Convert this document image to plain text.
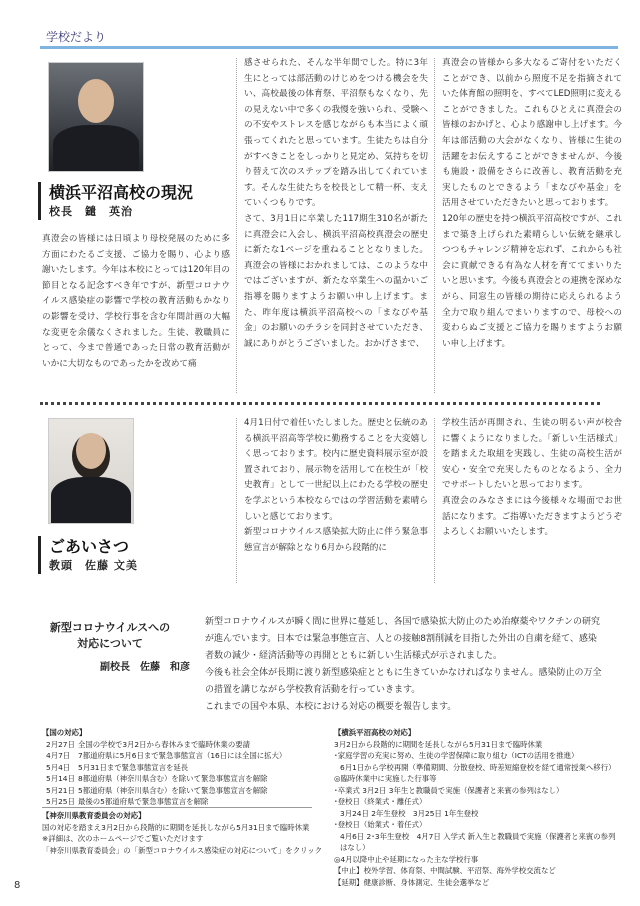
学校だより
横浜平沼高校の現況
校長　鑓　英治
真澄会の皆様には日頃より母校発展のために多方面にわたるご支援、ご協力を賜り、心より感謝いたします。今年は本校にとっては120年目の節目となる記念すべき年ですが、新型コロナウイルス感染症の影響で学校の教育活動もかなりの影響を受け、学校行事を含む年間計画の大幅な変更を余儀なくされました。生徒、教職員にとって、今まで普通であった日常の教育活動がいかに大切なものであったかを改めて痛
感させられた、そんな半年間でした。特に3年生にとっては部活動のけじめをつける機会を失い、高校最後の体育祭、平沼祭もなくなり、先の見えない中で多くの我慢を強いられ、受験への不安やストレスを感じながらも本当によく頑張ってくれたと思っています。生徒たちは自分がすべきことをしっかりと見定め、気持ちを切り替えて次のステップを踏み出してくれています。そんな生徒たちを校長として精一杯、支えていくつもりです。
さて、3月1日に卒業した117期生310名が新たに真澄会に入会し、横浜平沼高校真澄会の歴史に新たな1ページを重ねることとなりました。真澄会の皆様におかれましては、このような中ではございますが、新たな卒業生への温かいご指導を賜りますようお願い申し上げます。また、昨年度は横浜平沼高校への「まなびや基金」のお願いのチラシを同封させていただき、誠にありがとうございました。おかげさまで、
真澄会の皆様から多大なるご寄付をいただくことができ、以前から照度不足を指摘されていた体育館の照明を、すべてLED照明に変えることができました。これもひとえに真澄会の皆様のおかげと、心より感謝申し上げます。今年は部活動の大会がなくなり、皆様に生徒の活躍をお伝えすることができませんが、今後も施設・設備をさらに改善し、教育活動を充実したものとできるよう「まなびや基金」を活用させていただきたいと思っております。
120年の歴史を持つ横浜平沼高校ですが、これまで築き上げられた素晴らしい伝統を継承しつつもチャレンジ精神を忘れず、これからも社会に貢献できる有為な人材を育ててまいりたいと思います。今後も真澄会との連携を深めながら、同窓生の皆様の期待に応えられるよう全力で取り組んでまいりますので、母校への変わらぬご支援とご協力を賜りますようお願い申し上げます。
ごあいさつ
教頭　佐藤 文美
4月1日付で着任いたしました。歴史と伝統のある横浜平沼高等学校に勤務することを大変嬉しく思っております。校内に歴史資料展示室が設置されており、展示物を活用して在校生が「校史教育」として一世紀以上にわたる学校の歴史を学ぶという本校ならではの学習活動を素晴らしいと感じております。
新型コロナウイルス感染拡大防止に伴う緊急事態宣言が解除となり6月から段階的に
学校生活が再開され、生徒の明るい声が校舎に響くようになりました。「新しい生活様式」を踏まえた取組を実践し、生徒の高校生活が安心・安全で充実したものとなるよう、全力でサポートしたいと思っております。
真澄会のみなさまには今後様々な場面でお世話になります。ご指導いただきますようどうぞよろしくお願いいたします。
新型コロナウイルスへの
対応について
副校長　佐藤　和彦
新型コロナウイルスが瞬く間に世界に蔓延し、各国で感染拡大防止のため治療薬やワクチンの研究が進んでいます。日本では緊急事態宣言、人との接触8割削減を目指した外出の自粛を経て、感染者数の減少・経済活動等の再開とともに新しい生活様式が示されました。
今後も社会全体が長期に渡り新型感染症とともに生きていかなければなりません。感染防止の万全の措置を講じながら学校教育活動を行っていきます。
これまでの国や本県、本校における対応の概要を報告します。
【国の対応】
2月27日 全国の学校で3月2日から春休みまで臨時休業の要請
4月7日	7都道府県に5月6日まで緊急事態宣言（16日には全国に拡大）
5月4日	5月31日まで緊急事態宣言を延長
5月14日 8都道府県（神奈川県含む）を除いて緊急事態宣言を解除
5月21日 5都道府県（神奈川県含む）を除いて緊急事態宣言を解除
5月25日 最後の5都道府県で緊急事態宣言を解除
【神奈川県教育委員会の対応】
国の対応を踏まえ3月2日から段階的に期間を延長しながら5月31日まで臨時休業
※詳細は、次のホームページでご覧いただけます
「神奈川県教育委員会」の「新型コロナウイルス感染症の対応について」をクリック
【横浜平沼高校の対応】
3月2日から段階的に期間を延長しながら5月31日まで臨時休業
･家庭学習の充実に努め、生徒の学習保障に取り組む（ICTの活用を推進）
6月1日から学校再開（準備期間、分散登校、時差短縮登校を経て通常授業へ移行）
◎臨時休業中に実施した行事等
･卒業式 3月2日 3年生と教職員で実施（保護者と来賓の参列はなし）
･登校日（終業式・離任式）
3月24日 2年生登校　3月25日 1年生登校
･登校日（始業式・着任式）
4月6日 2･3年生登校　4月7日 入学式 新入生と教職員で実施（保護者と来賓の参列はなし）
◎4月以降中止や延期になった主な学校行事
【中止】校外学習、体育祭、中間試験、平沼祭、海外学校交流など
【延期】健康診断、身体測定、生徒会選挙など
8
